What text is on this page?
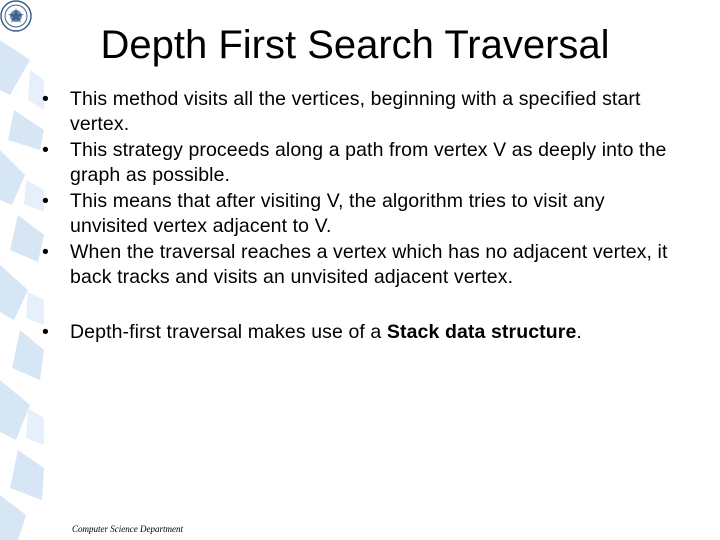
Depth First Search Traversal
•	This method visits all the vertices, beginning with a specified start vertex.
•	This strategy proceeds along a path from vertex V as deeply into the graph as possible.
•	This means that after visiting V, the algorithm tries to visit any unvisited vertex adjacent to V.
•	When the traversal reaches a vertex which has no adjacent vertex, it back tracks and visits an unvisited adjacent vertex.
•	Depth-first traversal makes use of a Stack data structure.
Computer Science Department
